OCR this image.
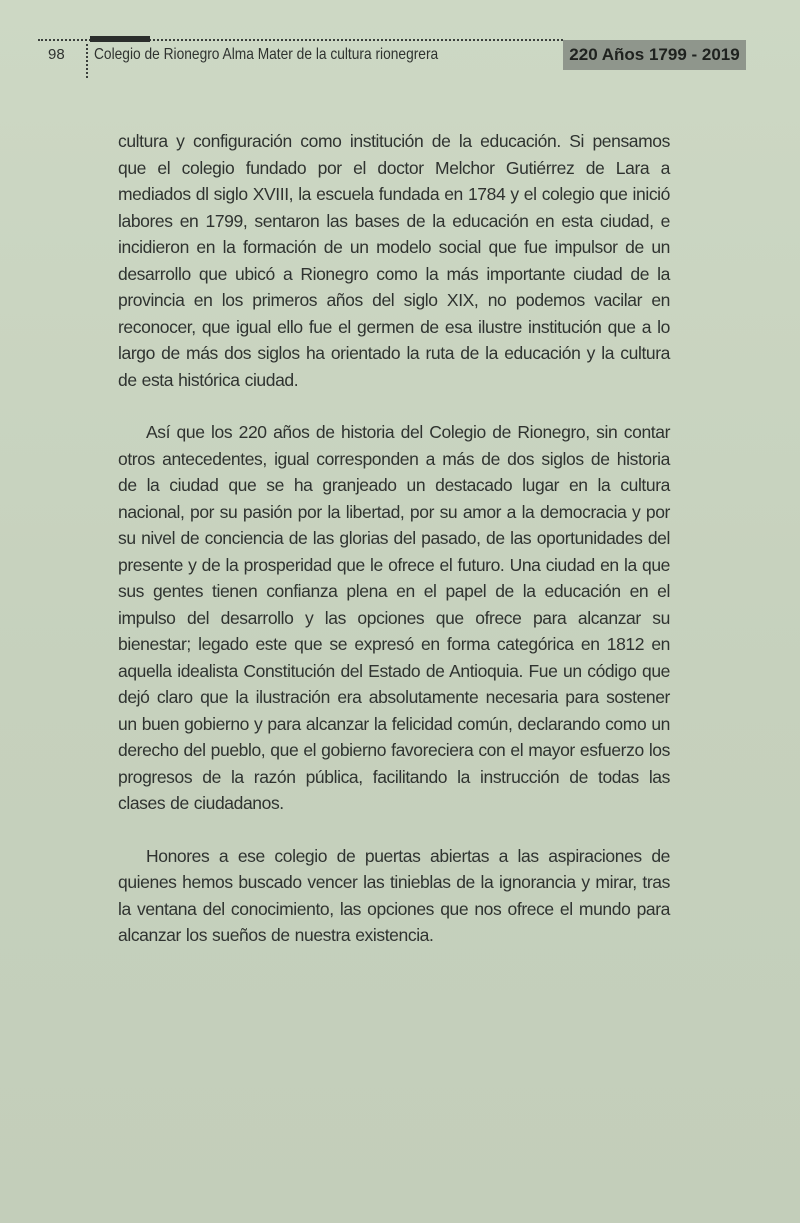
98 Colegio de Rionegro Alma Mater de la cultura rionegrera	220 Años 1799 - 2019

cultura y configuración como institución de la educación. Si pensamos que el colegio fundado por el doctor Melchor Gutiérrez de Lara a mediados dl siglo XVIII, la escuela fundada en 1784 y el colegio que inició labores en 1799, sentaron las bases de la educación en esta ciudad, e incidieron en la formación de un modelo social que fue impulsor de un desarrollo que ubicó a Rionegro como la más importante ciudad de la provincia en los primeros años del siglo XIX, no podemos vacilar en reconocer, que igual ello fue el germen de esa ilustre institución que a lo largo de más dos siglos ha orientado la ruta de la educación y la cultura de esta histórica ciudad.

Así que los 220 años de historia del Colegio de Rionegro, sin contar otros antecedentes, igual corresponden a más de dos siglos de historia de la ciudad que se ha granjeado un destacado lugar en la cultura nacional, por su pasión por la libertad, por su amor a la democracia y por su nivel de conciencia de las glorias del pasado, de las oportunidades del presente y de la prosperidad que le ofrece el futuro. Una ciudad en la que sus gentes tienen confianza plena en el papel de la educación en el impulso del desarrollo y las opciones que ofrece para alcanzar su bienestar; legado este que se expresó en forma categórica en 1812 en aquella idealista Constitución del Estado de Antioquia. Fue un código que dejó claro que la ilustración era absolutamente necesaria para sostener un buen gobierno y para alcanzar la felicidad común, declarando como un derecho del pueblo, que el gobierno favoreciera con el mayor esfuerzo los progresos de la razón pública, facilitando la instrucción de todas las clases de ciudadanos.

Honores a ese colegio de puertas abiertas a las aspiraciones de quienes hemos buscado vencer las tinieblas de la ignorancia y mirar, tras la ventana del conocimiento, las opciones que nos ofrece el mundo para alcanzar los sueños de nuestra existencia.
